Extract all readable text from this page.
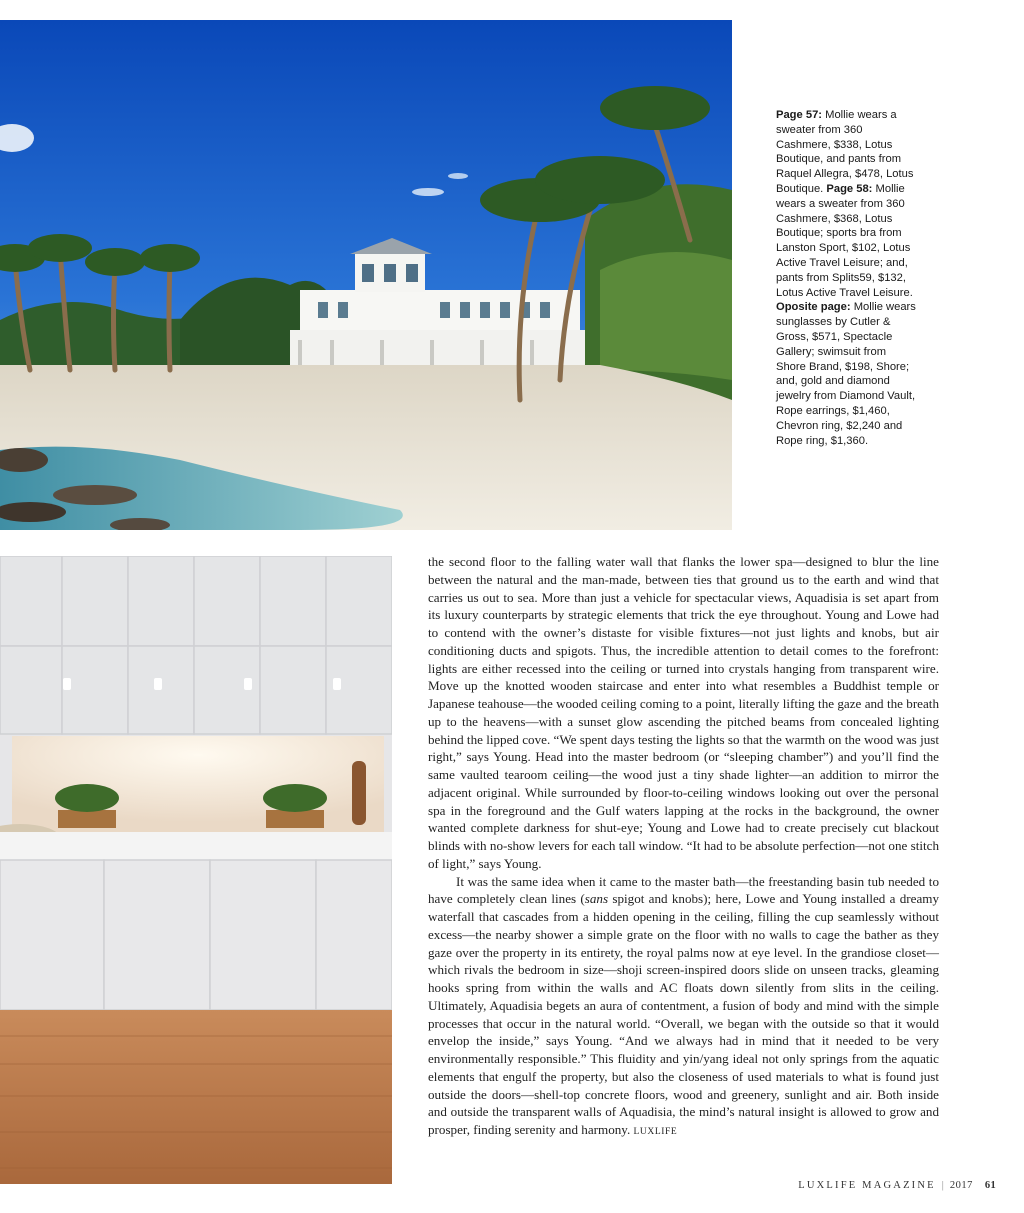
Page 57: Mollie wears a sweater from 360 Cashmere, $338, Lotus Boutique, and pants from Raquel Allegra, $478, Lotus Boutique. Page 58: Mollie wears a sweater from 360 Cashmere, $368, Lotus Boutique; sports bra from Lanston Sport, $102, Lotus Active Travel Leisure; and, pants from Splits59, $132, Lotus Active Travel Leisure. Oposite page: Mollie wears sunglasses by Cutler & Gross, $571, Spectacle Gallery; swimsuit from Shore Brand, $198, Shore; and, gold and diamond jewelry from Diamond Vault, Rope earrings, $1,460, Chevron ring, $2,240 and Rope ring, $1,360.

the second floor to the falling water wall that flanks the lower spa—designed to blur the line between the natural and the man-made, between ties that ground us to the earth and wind that carries us out to sea. More than just a vehicle for spectacular views, Aquadisia is set apart from its luxury counterparts by strategic elements that trick the eye throughout. Young and Lowe had to contend with the owner’s distaste for visible fixtures—not just lights and knobs, but air conditioning ducts and spigots. Thus, the incredible attention to detail comes to the forefront: lights are either recessed into the ceiling or turned into crystals hanging from transparent wire. Move up the knotted wooden staircase and enter into what resembles a Buddhist temple or Japanese teahouse—the wooded ceiling coming to a point, literally lifting the gaze and the breath up to the heavens—with a sunset glow ascending the pitched beams from concealed lighting behind the lipped cove. “We spent days testing the lights so that the warmth on the wood was just right,” says Young. Head into the master bedroom (or “sleeping chamber”) and you’ll find the same vaulted tearoom ceiling—the wood just a tiny shade lighter—an addition to mirror the adjacent original. While surrounded by floor-to-ceiling windows looking out over the personal spa in the foreground and the Gulf waters lapping at the rocks in the background, the owner wanted complete darkness for shut-eye; Young and Lowe had to create precisely cut blackout blinds with no-show levers for each tall window. “It had to be absolute perfection—not one stitch of light,” says Young.

It was the same idea when it came to the master bath—the freestanding basin tub needed to have completely clean lines (sans spigot and knobs); here, Lowe and Young installed a dreamy waterfall that cascades from a hidden opening in the ceiling, filling the cup seamlessly without excess—the nearby shower a simple grate on the floor with no walls to cage the bather as they gaze over the property in its entirety, the royal palms now at eye level. In the grandiose closet—which rivals the bedroom in size—shoji screen-inspired doors slide on unseen tracks, gleaming hooks spring from within the walls and AC floats down silently from slits in the ceiling. Ultimately, Aquadisia begets an aura of contentment, a fusion of body and mind with the simple processes that occur in the natural world. “Overall, we began with the outside so that it would envelop the inside,” says Young. “And we always had in mind that it needed to be very environmentally responsible.” This fluidity and yin/yang ideal not only springs from the aquatic elements that engulf the property, but also the closeness of used materials to what is found just outside the doors—shell-top concrete floors, wood and greenery, sunlight and air. Both inside and outside the transparent walls of Aquadisia, the mind’s natural insight is allowed to grow and prosper, finding serenity and harmony. LUXLIFE

LUXLIFE MAGAZINE | 2017 61
